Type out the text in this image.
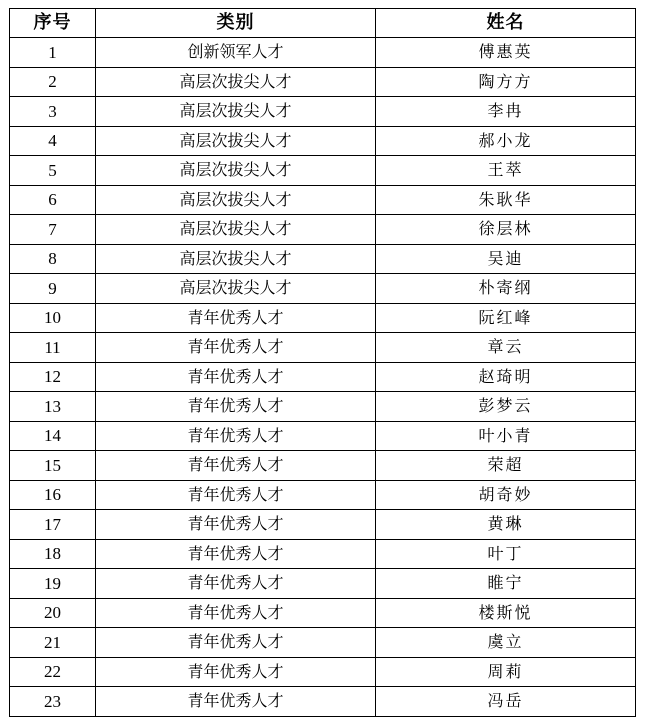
序号	类别	姓名
1	创新领军人才	傅惠英
2	高层次拔尖人才	陶方方
3	高层次拔尖人才	李冉
4	高层次拔尖人才	郝小龙
5	高层次拔尖人才	王萃
6	高层次拔尖人才	朱耿华
7	高层次拔尖人才	徐层林
8	高层次拔尖人才	吴迪
9	高层次拔尖人才	朴寄纲
10	青年优秀人才	阮红峰
11	青年优秀人才	章云
12	青年优秀人才	赵琦明
13	青年优秀人才	彭梦云
14	青年优秀人才	叶小青
15	青年优秀人才	荣超
16	青年优秀人才	胡奇妙
17	青年优秀人才	黄琳
18	青年优秀人才	叶丁
19	青年优秀人才	睢宁
20	青年优秀人才	楼斯悦
21	青年优秀人才	虞立
22	青年优秀人才	周莉
23	青年优秀人才	冯岳
